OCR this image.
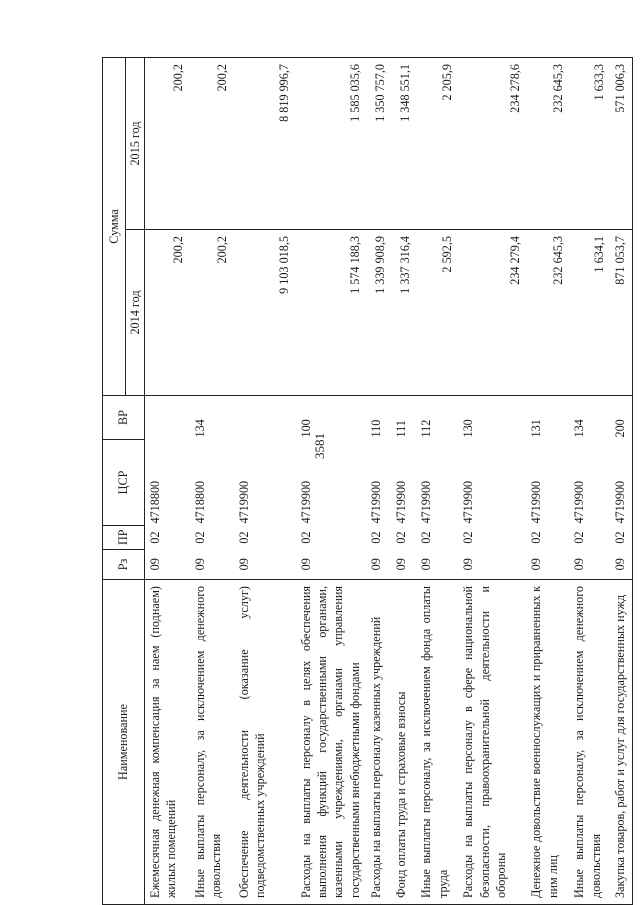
3581
Наименование	Рз	ПР	ЦСР	ВР	Сумма	
					2014 год	2015 год
Ежемесячная денежная компенсация за наем (поднаем) жилых помещений	09	02	4718800		200,2	200,2
Иные выплаты персоналу, за исключением денежного довольствия	09	02	4718800	134	200,2	200,2
Обеспечение деятельности (оказание услуг) подведомственных учреждений	09	02	4719900		9 103 018,5	8 819 996,7
Расходы на выплаты персоналу в целях обеспечения выполнения функций государственными органами, казенными учреждениями, органами управления государственными внебюджетными фондами	09	02	4719900	100	1 574 188,3	1 585 035,6
Расходы на выплаты персоналу казенных учреждений	09	02	4719900	110	1 339 908,9	1 350 757,0
Фонд оплаты труда и страховые взносы	09	02	4719900	111	1 337 316,4	1 348 551,1
Иные выплаты персоналу, за исключением фонда оплаты труда	09	02	4719900	112	2 592,5	2 205,9
Расходы на выплаты персоналу в сфере национальной безопасности, правоохранительной деятельности и обороны	09	02	4719900	130	234 279,4	234 278,6
Денежное довольствие военнослужащих и приравненных к ним лиц	09	02	4719900	131	232 645,3	232 645,3
Иные выплаты персоналу, за исключением денежного довольствия	09	02	4719900	134	1 634,1	1 633,3
Закупка товаров, работ и услуг для государственных нужд	09	02	4719900	200	871 053,7	571 006,3
